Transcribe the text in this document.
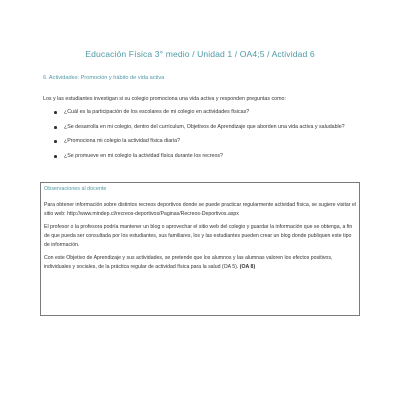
Educación Física 3° medio / Unidad 1 / OA4;5 / Actividad 6
6. Actividades: Promoción y hábito de vida activa
Los y las estudiantes investigan si su colegio promociona una vida activa y responden preguntas como:
¿Cuál es la participación de los escolares de mi colegio en actividades físicas?
¿Se desarrolla en mi colegio, dentro del currículum, Objetivos de Aprendizaje que aborden una vida activa y saludable?
¿Promociona mi colegio la actividad física diaria?
¿Se promueve en mi colegio la actividad física durante los recreos?
Observaciones al docente

Para obtener información sobre distintos recreos deportivos donde se puede practicar regularmente actividad física, se sugiere visitar el sitio web: http://www.mindep.cl/recreos-deportivos/Paginas/Recreos-Deportivos.aspx

El profesor o la profesora podría mantener un blog o aprovechar el sitio web del colegio y guardar la información que se obtenga, a fin de que pueda ser consultada por los estudiantes, sus familiares, los y las estudiantes pueden crear un blog donde publiquen este tipo de información.

Con este Objetivo de Aprendizaje y sus actividades, se pretende que los alumnos y las alumnas valoren los efectos positivos, individuales y sociales, de la práctica regular de actividad física para la salud (OA 5). (OA 8)
